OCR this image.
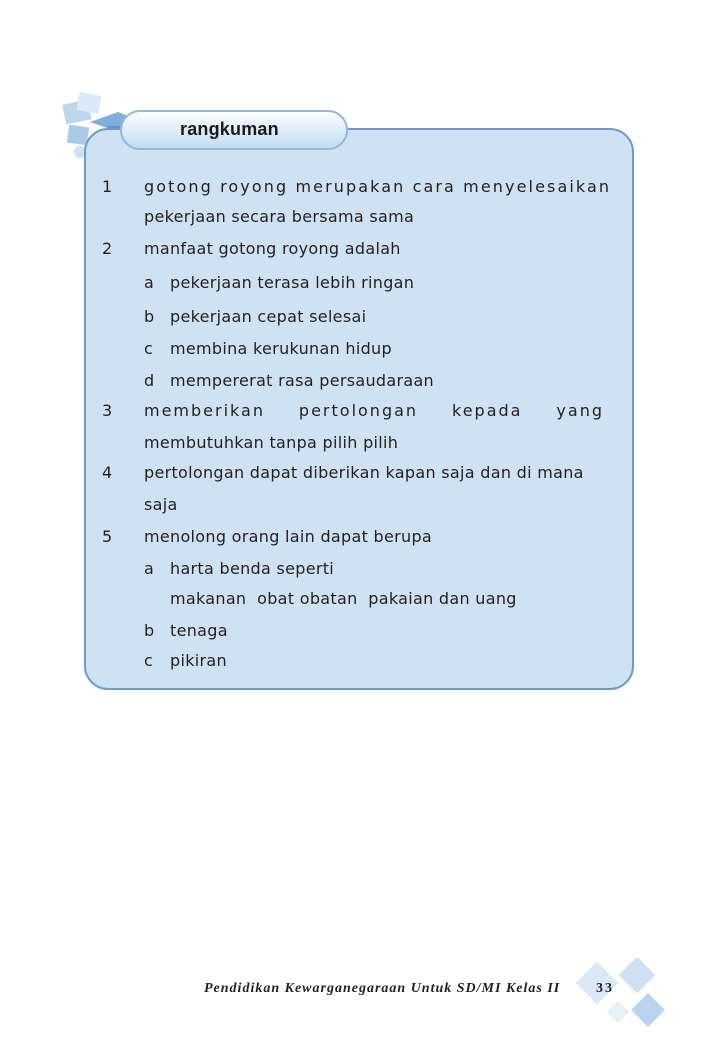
rangkuman
1 gotong royong merupakan cara menyelesaikan
pekerjaan secara bersama sama
2 manfaat gotong royong adalah
a pekerjaan terasa lebih ringan
b pekerjaan cepat selesai
c membina kerukunan hidup
d mempererat rasa persaudaraan
3 memberikan pertolongan kepada yang
membutuhkan tanpa pilih pilih
4 pertolongan dapat diberikan kapan saja dan di mana
saja
5 menolong orang lain dapat berupa
a harta benda seperti
makanan  obat obatan  pakaian dan uang
b tenaga
c pikiran
Pendidikan Kewarganegaraan Untuk SD/MI Kelas II	33
